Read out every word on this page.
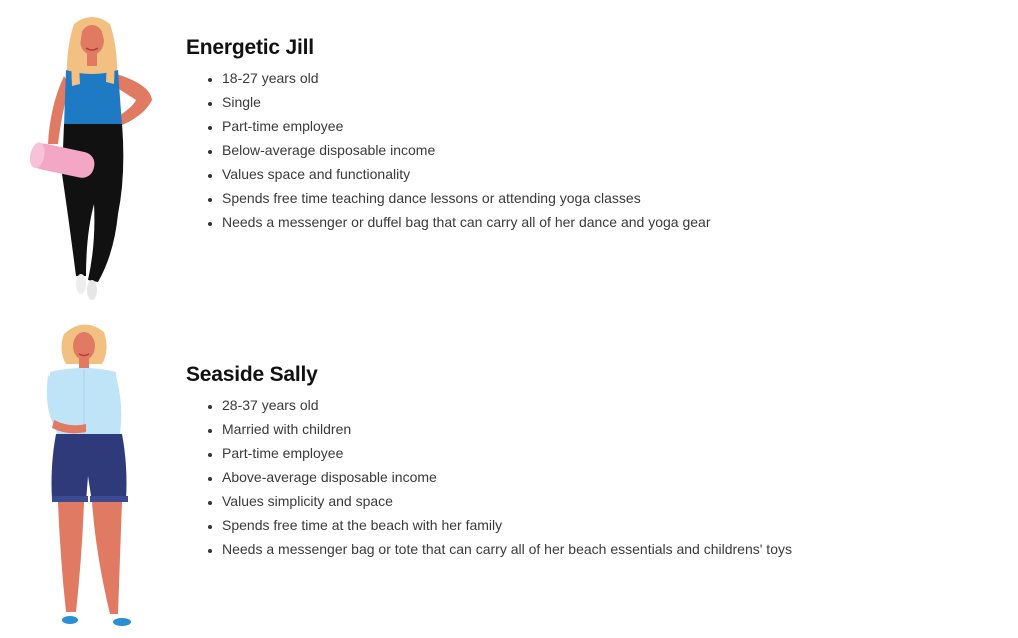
Energetic Jill
• 18-27 years old
• Single
• Part-time employee
• Below-average disposable income
• Values space and functionality
• Spends free time teaching dance lessons or attending yoga classes
• Needs a messenger or duffel bag that can carry all of her dance and yoga gear
Seaside Sally
• 28-37 years old
• Married with children
• Part-time employee
• Above-average disposable income
• Values simplicity and space
• Spends free time at the beach with her family
• Needs a messenger bag or tote that can carry all of her beach essentials and childrens' toys
